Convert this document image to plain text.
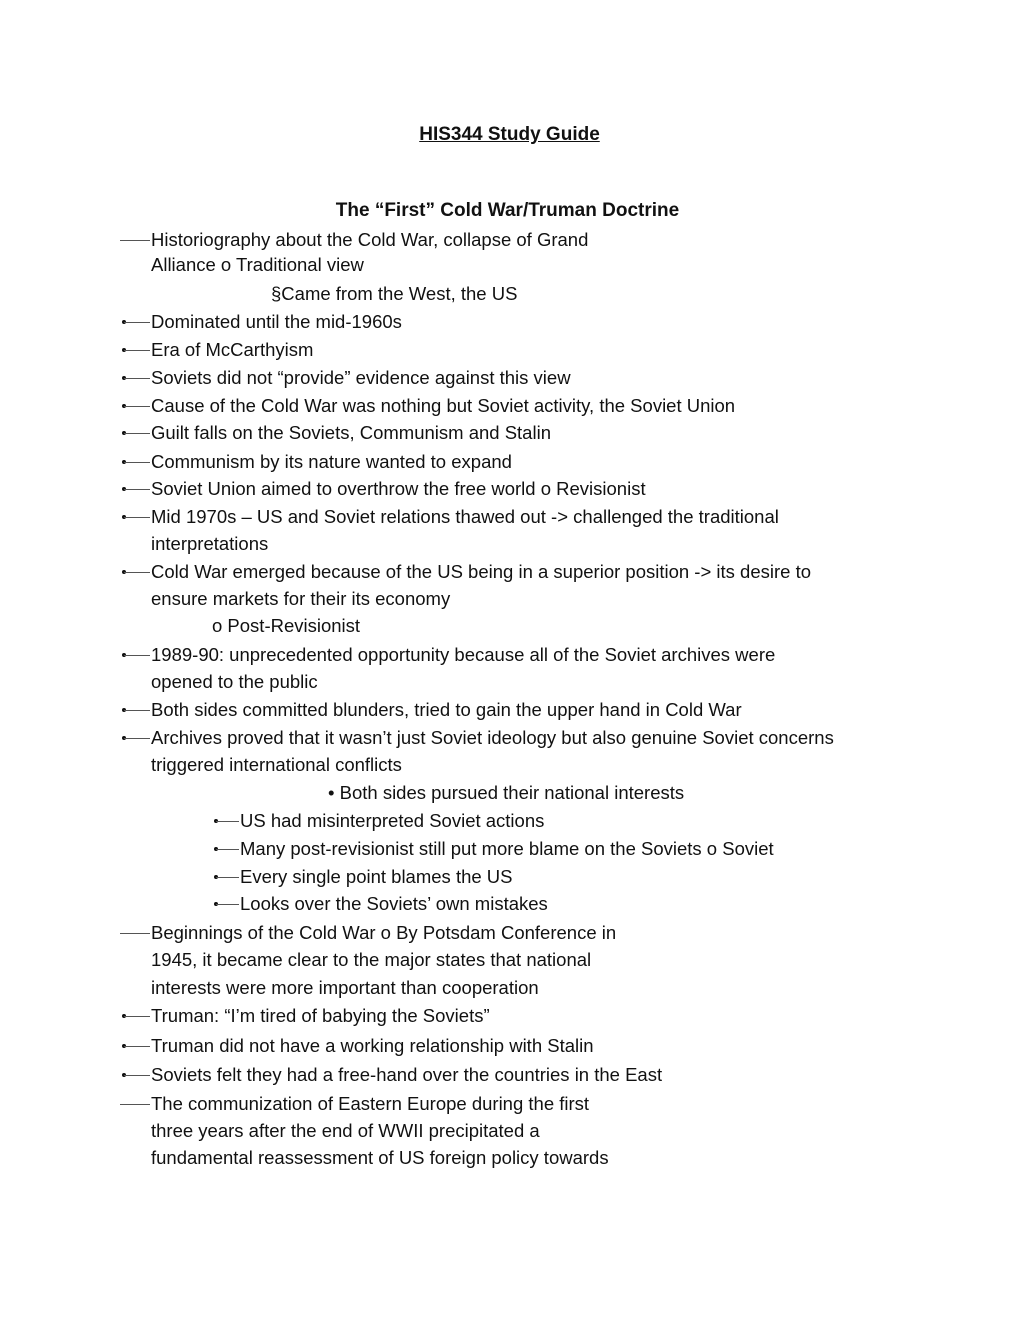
HIS344 Study Guide
The “First” Cold War/Truman Doctrine
Historiography about the Cold War, collapse of Grand
Alliance o Traditional view
§Came from the West, the US
Dominated until the mid-1960s
Era of McCarthyism
Soviets did not “provide” evidence against this view
Cause of the Cold War was nothing but Soviet activity, the Soviet Union
Guilt falls on the Soviets, Communism and Stalin
Communism by its nature wanted to expand
Soviet Union aimed to overthrow the free world o Revisionist
Mid 1970s – US and Soviet relations thawed out -> challenged the traditional
interpretations
Cold War emerged because of the US being in a superior position -> its desire to
ensure markets for their its economy
o Post-Revisionist
1989-90: unprecedented opportunity because all of the Soviet archives were
opened to the public
Both sides committed blunders, tried to gain the upper hand in Cold War
Archives proved that it wasn’t just Soviet ideology but also genuine Soviet concerns
triggered international conflicts
• Both sides pursued their national interests
US had misinterpreted Soviet actions
Many post-revisionist still put more blame on the Soviets o Soviet
Every single point blames the US
Looks over the Soviets’ own mistakes
Beginnings of the Cold War o By Potsdam Conference in
1945, it became clear to the major states that national
interests were more important than cooperation
Truman: “I’m tired of babying the Soviets”
Truman did not have a working relationship with Stalin
Soviets felt they had a free-hand over the countries in the East
The communization of Eastern Europe during the first
three years after the end of WWII precipitated a
fundamental reassessment of US foreign policy towards
